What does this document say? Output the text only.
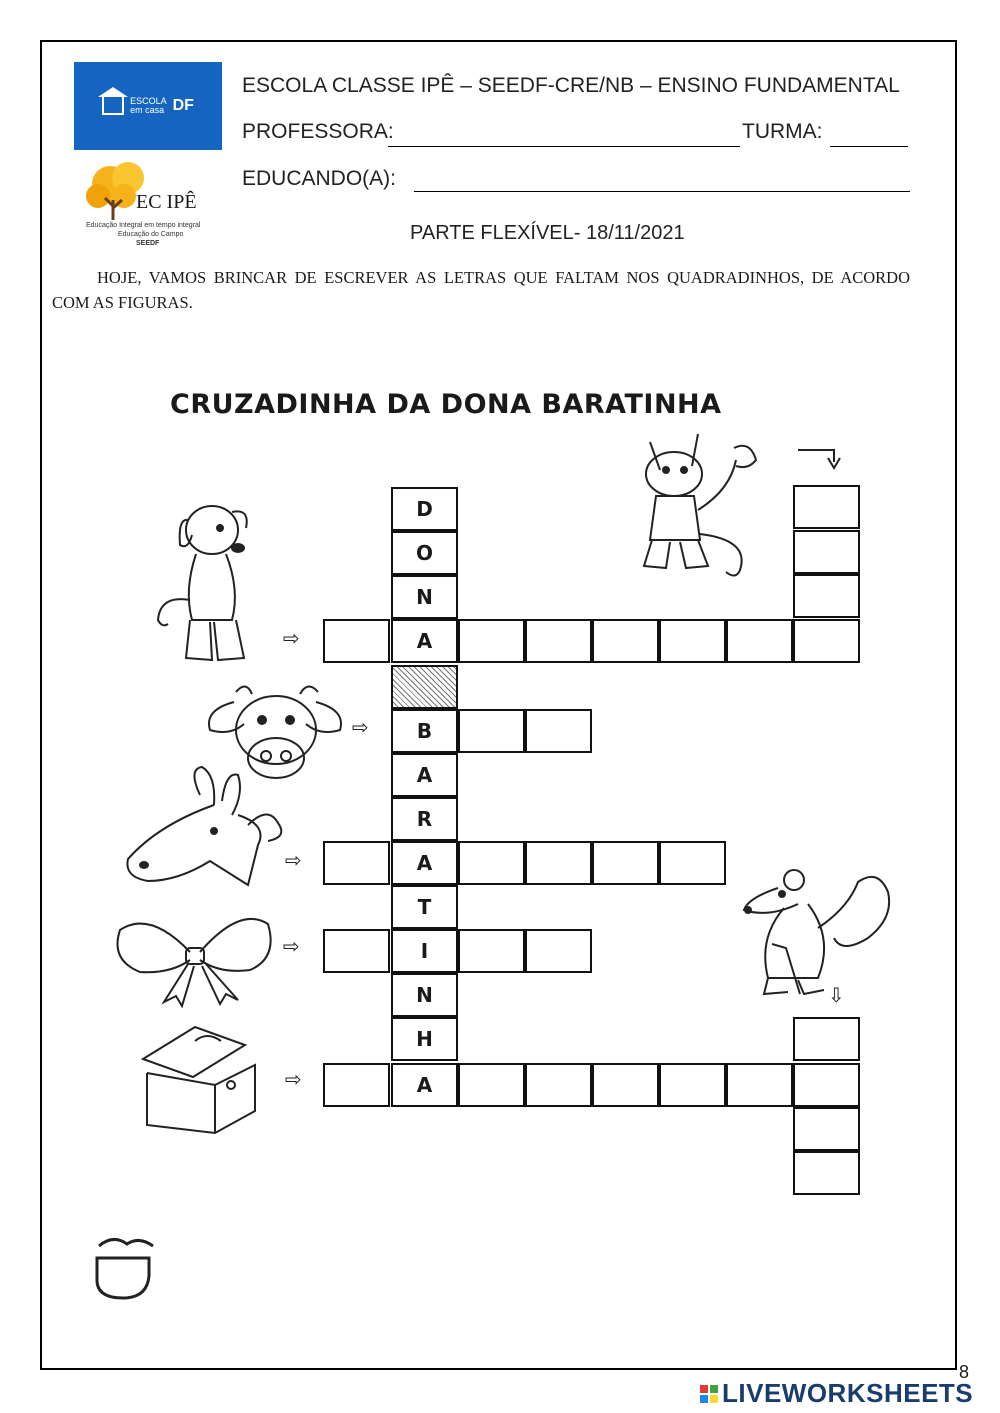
ESCOLA
em casa DF
EC IPÊ
Educação Integral em tempo integral
Educação do Campo
SEEDF
ESCOLA CLASSE IPÊ – SEEDF-CRE/NB – ENSINO FUNDAMENTAL
PROFESSORA:	TURMA:
EDUCANDO(A):
PARTE FLEXÍVEL- 18/11/2021
HOJE, VAMOS BRINCAR DE ESCREVER AS LETRAS QUE FALTAM NOS QUADRADINHOS, DE ACORDO COM AS FIGURAS.
CRUZADINHA DA DONA BARATINHA
D
O
N
A
B
A
R
A
T
I
N
H
A
⇨
⇨
⇨
⇨
⇨
⇩
8
LIVEWORKSHEETS
